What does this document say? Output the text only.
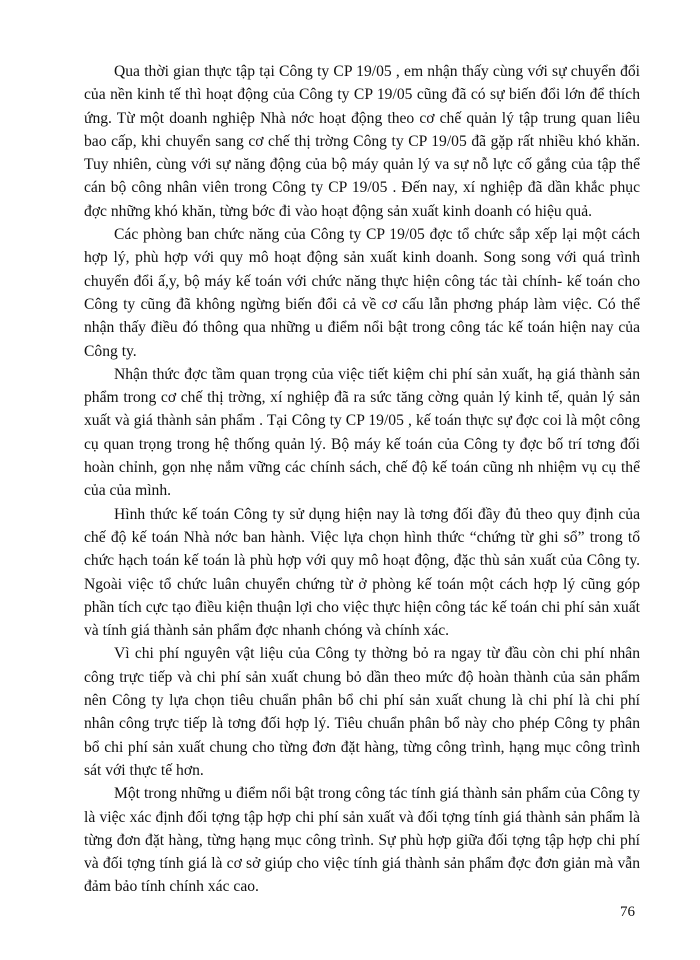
Qua thời gian thực tập tại Công ty CP 19/05 , em nhận thấy cùng với sự chuyển đổi của nền kinh tế thì hoạt động của Công ty CP 19/05 cũng đã có sự biến đổi lớn để thích ứng. Từ một doanh nghiệp Nhà nớc hoạt động theo cơ chế quản lý tập trung quan liêu bao cấp, khi chuyển sang cơ chế thị trờng Công ty CP 19/05 đã gặp rất nhiều khó khăn. Tuy nhiên, cùng với sự năng động của bộ máy quản lý va sự nỗ lực cố gắng của tập thể cán bộ công nhân viên trong Công ty CP 19/05 . Đến nay, xí nghiệp đã dần khắc phục đợc những khó khăn, từng bớc đi vào hoạt động sản xuất kinh doanh có hiệu quả.

Các phòng ban chức năng của Công ty CP 19/05 đợc tổ chức sắp xếp lại một cách hợp lý, phù hợp với quy mô hoạt động sản xuất kinh doanh. Song song với quá trình chuyển đổi ấ,y, bộ máy kế toán với chức năng thực hiện công tác tài chính- kế toán cho Công ty cũng đã không ngừng biến đổi cả về cơ cấu lẫn phơng pháp làm việc. Có thể nhận thấy điều đó thông qua những u điểm nổi bật trong công tác kế toán hiện nay của Công ty.

Nhận thức đợc tầm quan trọng của việc tiết kiệm chi phí sản xuất, hạ giá thành sản phẩm trong cơ chế thị trờng, xí nghiệp đã ra sức tăng cờng quản lý kinh tế, quản lý sản xuất và giá thành sản phẩm . Tại Công ty CP 19/05 , kế toán thực sự đợc coi là một công cụ quan trọng trong hệ thống quản lý. Bộ máy kế toán của Công ty đợc bố trí tơng đối hoàn chỉnh, gọn nhẹ nắm vững các chính sách, chế độ kế toán cũng nh nhiệm vụ cụ thể của của mình.

Hình thức kế toán Công ty sử dụng hiện nay là tơng đối đầy đủ theo quy định của chế độ kế toán Nhà nớc ban hành. Việc lựa chọn hình thức “chứng từ ghi sổ” trong tổ chức hạch toán kế toán là phù hợp với quy mô hoạt động, đặc thù sản xuất của Công ty. Ngoài việc tổ chức luân chuyển chứng từ ở phòng kế toán một cách hợp lý cũng góp phần tích cực tạo điều kiện thuận lợi cho việc thực hiện công tác kế toán chi phí sản xuất và tính giá thành sản phẩm đợc nhanh chóng và chính xác.

Vì chi phí nguyên vật liệu của Công ty thờng bỏ ra ngay từ đầu còn chi phí nhân công trực tiếp và chi phí sản xuất chung bỏ dần theo mức độ hoàn thành của sản phẩm nên Công ty lựa chọn tiêu chuẩn phân bổ chi phí sản xuất chung là chi phí là chi phí nhân công trực tiếp là tơng đối hợp lý. Tiêu chuẩn phân bổ này cho phép Công ty phân bổ chi phí sản xuất chung cho từng đơn đặt hàng, từng công trình, hạng mục công trình sát với thực tế hơn.

Một trong những u điểm nổi bật trong công tác tính giá thành sản phẩm của Công ty là việc xác định đối tợng tập hợp chi phí sản xuất và đối tợng tính giá thành sản phẩm là từng đơn đặt hàng, từng hạng mục công trình. Sự phù hợp giữa đối tợng tập hợp chi phí và đối tợng tính giá là cơ sở giúp cho việc tính giá thành sản phẩm đợc đơn giản mà vẫn đảm bảo tính chính xác cao.

76
